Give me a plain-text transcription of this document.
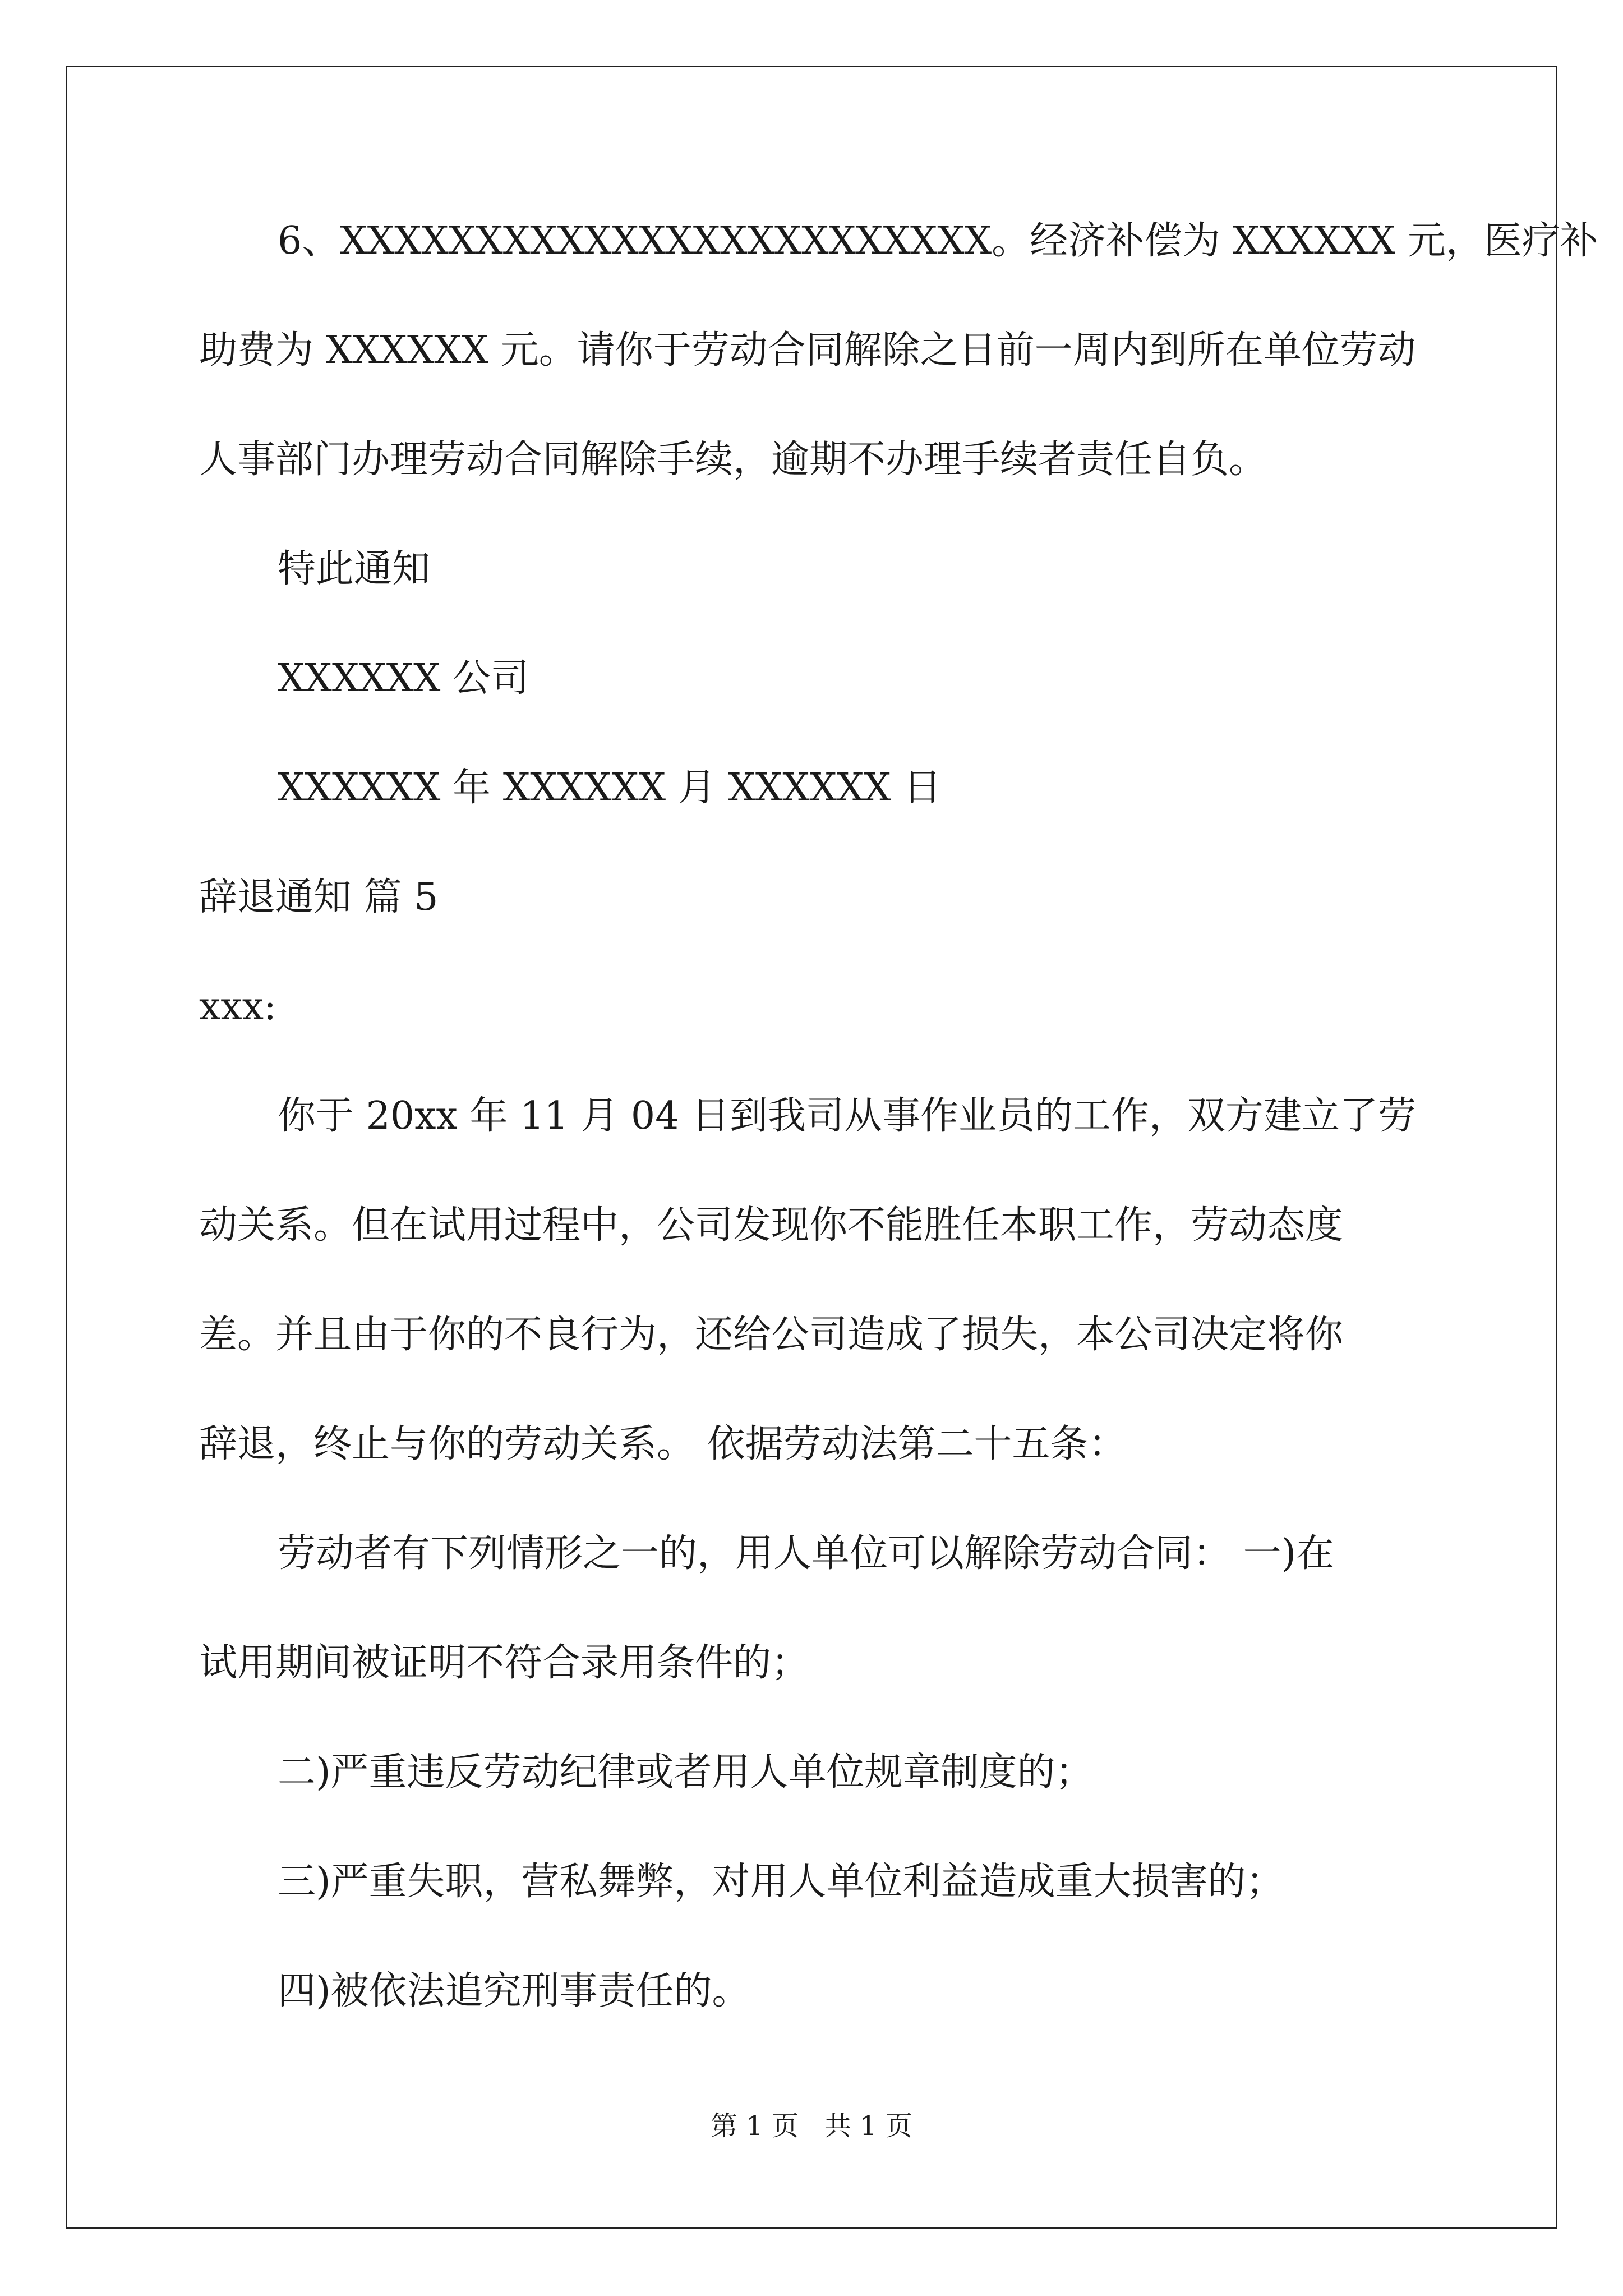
6、XXXXXXXXXXXXXXXXXXXXXXXX。经济补偿为 XXXXXX 元，医疗补
助费为 XXXXXX 元。请你于劳动合同解除之日前一周内到所在单位劳动
人事部门办理劳动合同解除手续，逾期不办理手续者责任自负。
特此通知
XXXXXX 公司
XXXXXX 年 XXXXXX 月 XXXXXX 日
辞退通知 篇 5
xxx:
你于 20xx 年 11 月 04 日到我司从事作业员的工作，双方建立了劳
动关系。但在试用过程中，公司发现你不能胜任本职工作，劳动态度
差。并且由于你的不良行为，还给公司造成了损失，本公司决定将你
辞退，终止与你的劳动关系。 依据劳动法第二十五条：
劳动者有下列情形之一的，用人单位可以解除劳动合同： 一)在
试用期间被证明不符合录用条件的；
二)严重违反劳动纪律或者用人单位规章制度的；
三)严重失职，营私舞弊，对用人单位利益造成重大损害的；
四)被依法追究刑事责任的。
第 1 页   共 1 页
